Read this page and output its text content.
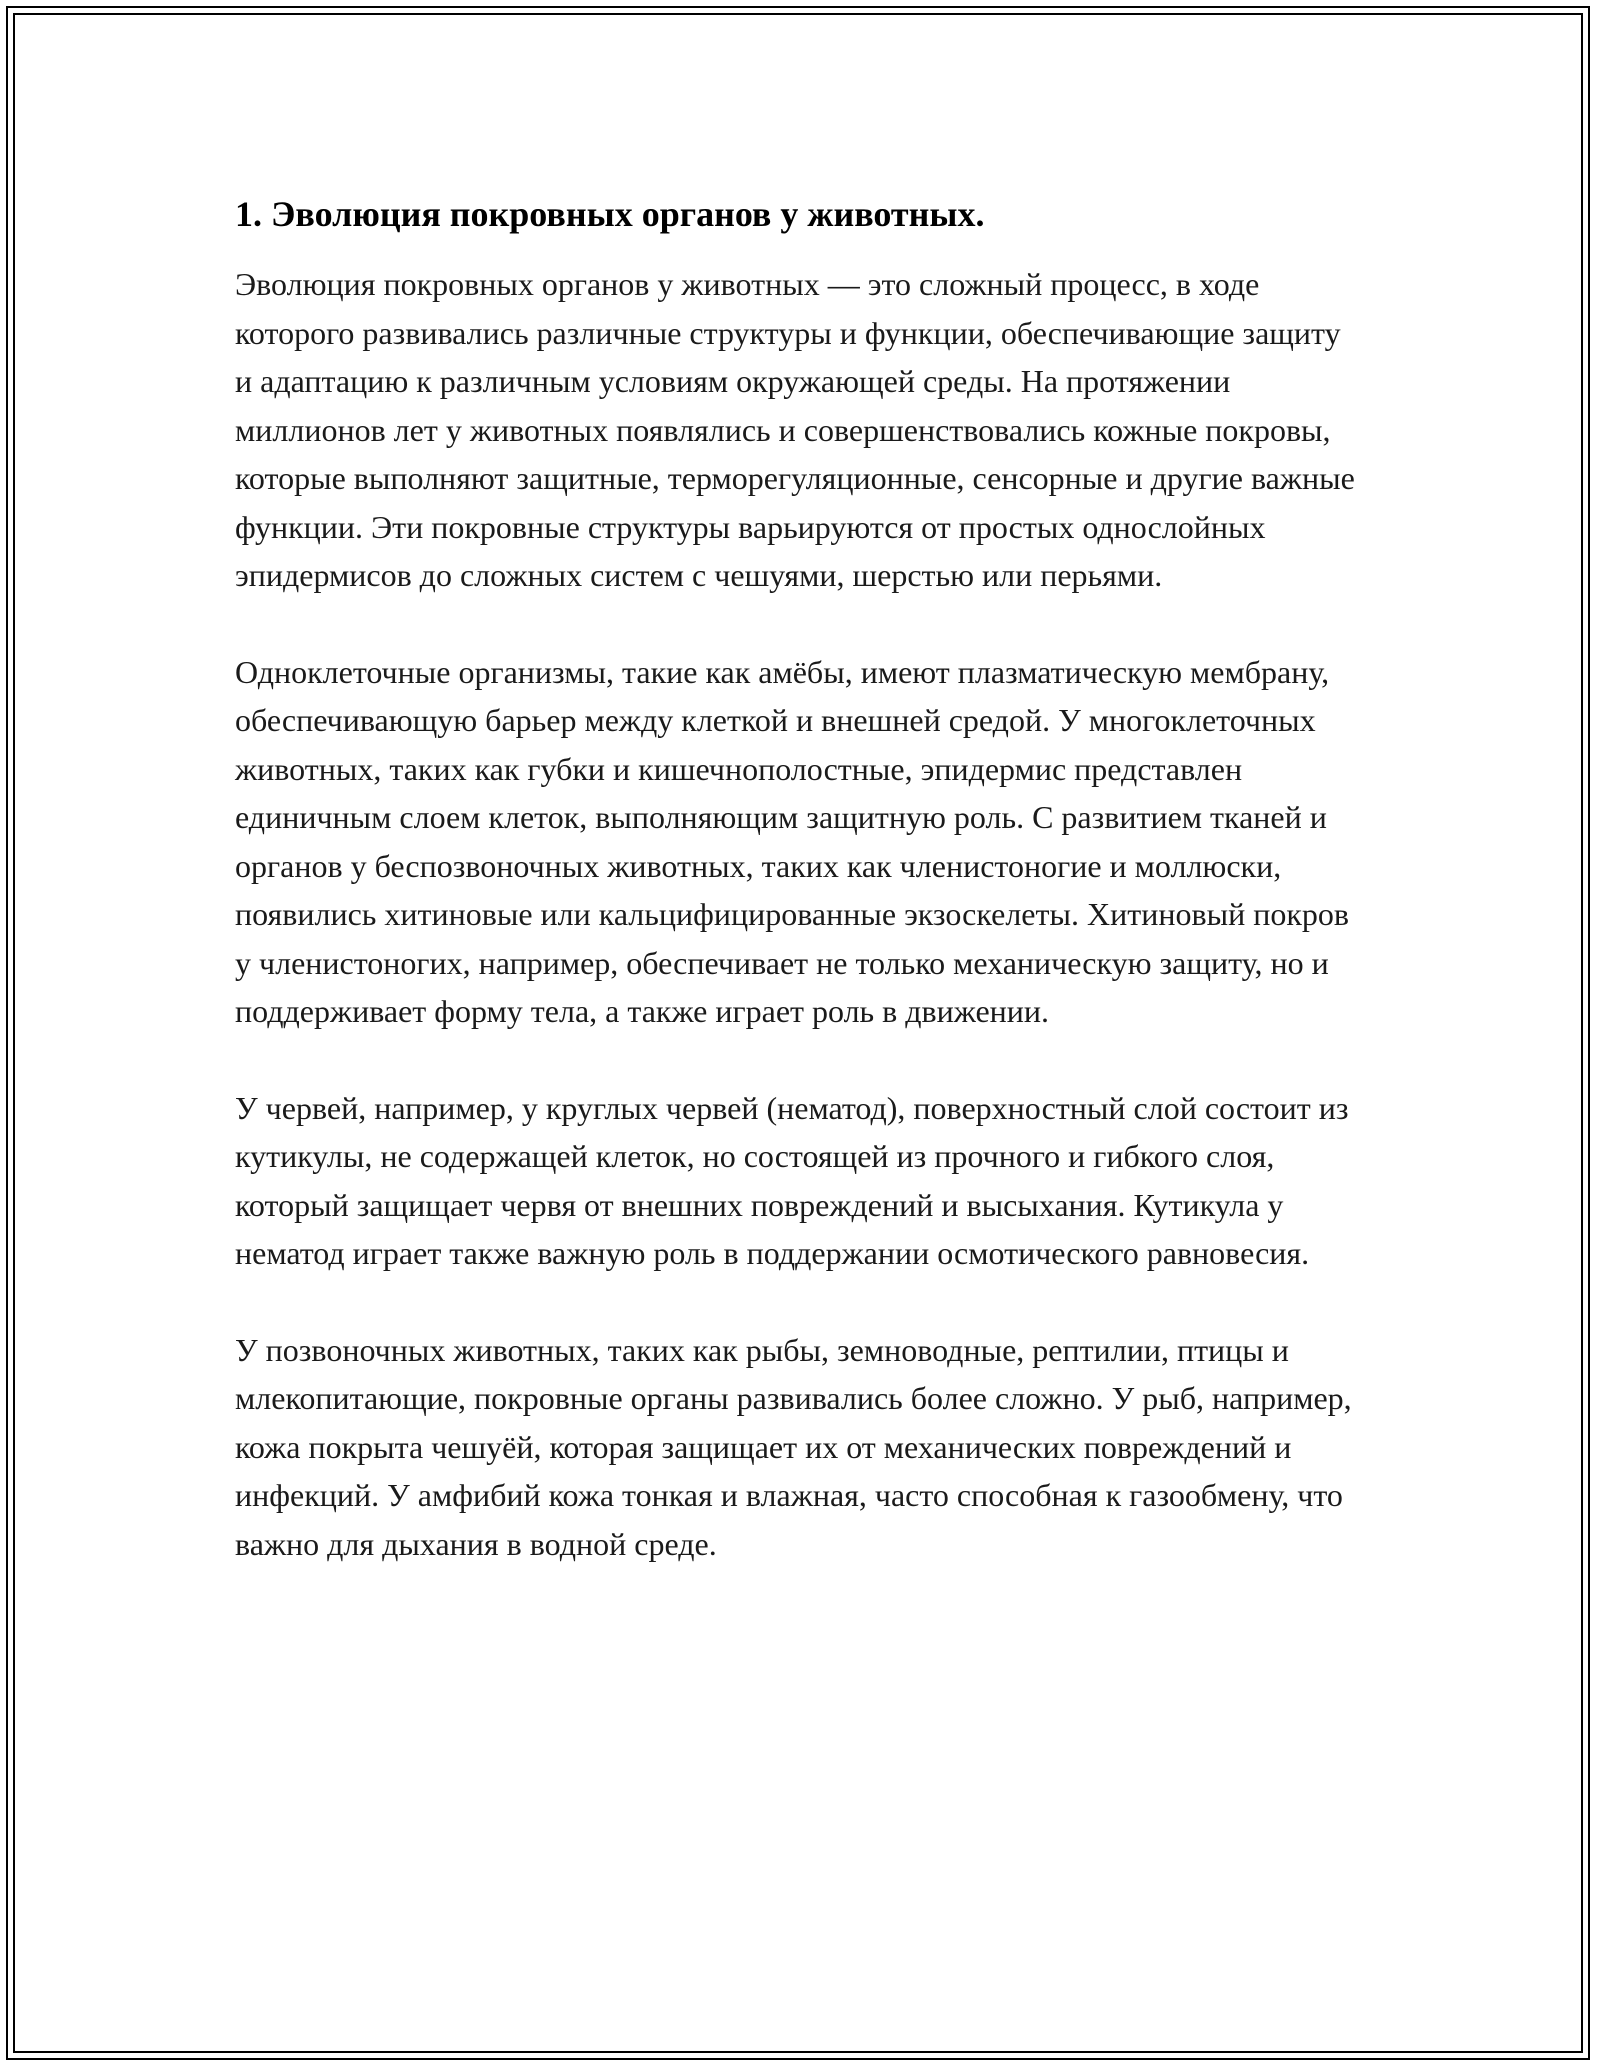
1. Эволюция покровных органов у животных.

Эволюция покровных органов у животных — это сложный процесс, в ходе которого развивались различные структуры и функции, обеспечивающие защиту и адаптацию к различным условиям окружающей среды. На протяжении миллионов лет у животных появлялись и совершенствовались кожные покровы, которые выполняют защитные, терморегуляционные, сенсорные и другие важные функции. Эти покровные структуры варьируются от простых однослойных эпидермисов до сложных систем с чешуями, шерстью или перьями.

Одноклеточные организмы, такие как амёбы, имеют плазматическую мембрану, обеспечивающую барьер между клеткой и внешней средой. У многоклеточных животных, таких как губки и кишечнополостные, эпидермис представлен единичным слоем клеток, выполняющим защитную роль. С развитием тканей и органов у беспозвоночных животных, таких как членистоногие и моллюски, появились хитиновые или кальцифицированные экзоскелеты. Хитиновый покров у членистоногих, например, обеспечивает не только механическую защиту, но и поддерживает форму тела, а также играет роль в движении.

У червей, например, у круглых червей (нематод), поверхностный слой состоит из кутикулы, не содержащей клеток, но состоящей из прочного и гибкого слоя, который защищает червя от внешних повреждений и высыхания. Кутикула у нематод играет также важную роль в поддержании осмотического равновесия.

У позвоночных животных, таких как рыбы, земноводные, рептилии, птицы и млекопитающие, покровные органы развивались более сложно. У рыб, например, кожа покрыта чешуёй, которая защищает их от механических повреждений и инфекций. У амфибий кожа тонкая и влажная, часто способная к газообмену, что важно для дыхания в водной среде.
